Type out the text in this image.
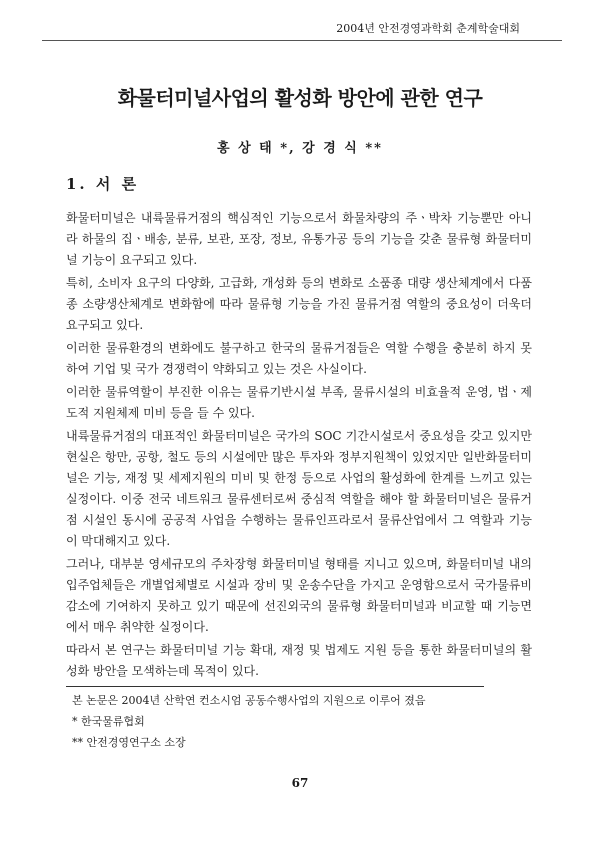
2004년 안전경영과학회 춘계학술대회
화물터미널사업의 활성화 방안에 관한 연구
홍 상 태 *, 강 경 식 **
1. 서 론

화물터미널은 내륙물류거점의 핵심적인 기능으로서 화물차량의 주ㆍ박차 기능뿐만 아니라 하물의 집ㆍ배송, 분류, 보관, 포장, 정보, 유통가공 등의 기능을 갖춘 물류형 화물터미널 기능이 요구되고 있다.

특히, 소비자 요구의 다양화, 고급화, 개성화 등의 변화로 소품종 대량 생산체계에서 다품종 소량생산체계로 변화함에 따라 물류형 기능을 가진 물류거점 역할의 중요성이 더욱더 요구되고 있다.

이러한 물류환경의 변화에도 불구하고 한국의 물류거점들은 역할 수행을 충분히 하지 못하여 기업 및 국가 경쟁력이 약화되고 있는 것은 사실이다.

이러한 물류역할이 부진한 이유는 물류기반시설 부족, 물류시설의 비효율적 운영, 법ㆍ제도적 지원체제 미비 등을 들 수 있다.

내륙물류거점의 대표적인 화물터미널은 국가의 SOC 기간시설로서 중요성을 갖고 있지만 현실은 항만, 공항, 철도 등의 시설에만 많은 투자와 정부지원책이 있었지만 일반화물터미널은 기능, 재정 및 세제지원의 미비 및 한정 등으로 사업의 활성화에 한계를 느끼고 있는 실정이다. 이중 전국 네트워크 물류센터로써 중심적 역할을 해야 할 화물터미널은 물류거점 시설인 동시에 공공적 사업을 수행하는 물류인프라로서 물류산업에서 그 역할과 기능이 막대해지고 있다.

그러나, 대부분 영세규모의 주차장형 화물터미널 형태를 지니고 있으며, 화물터미널 내의 입주업체들은 개별업체별로 시설과 장비 및 운송수단을 가지고 운영함으로서 국가물류비 감소에 기여하지 못하고 있기 때문에 선진외국의 물류형 화물터미널과 비교할 때 기능면에서 매우 취약한 실정이다.

따라서 본 연구는 화물터미널 기능 확대, 재정 및 법제도 지원 등을 통한 화물터미널의 활성화 방안을 모색하는데 목적이 있다.

본 논문은 2004년 산학연 컨소시엄 공동수행사업의 지원으로 이루어 졌음
* 한국물류협회
** 안전경영연구소 소장
67
